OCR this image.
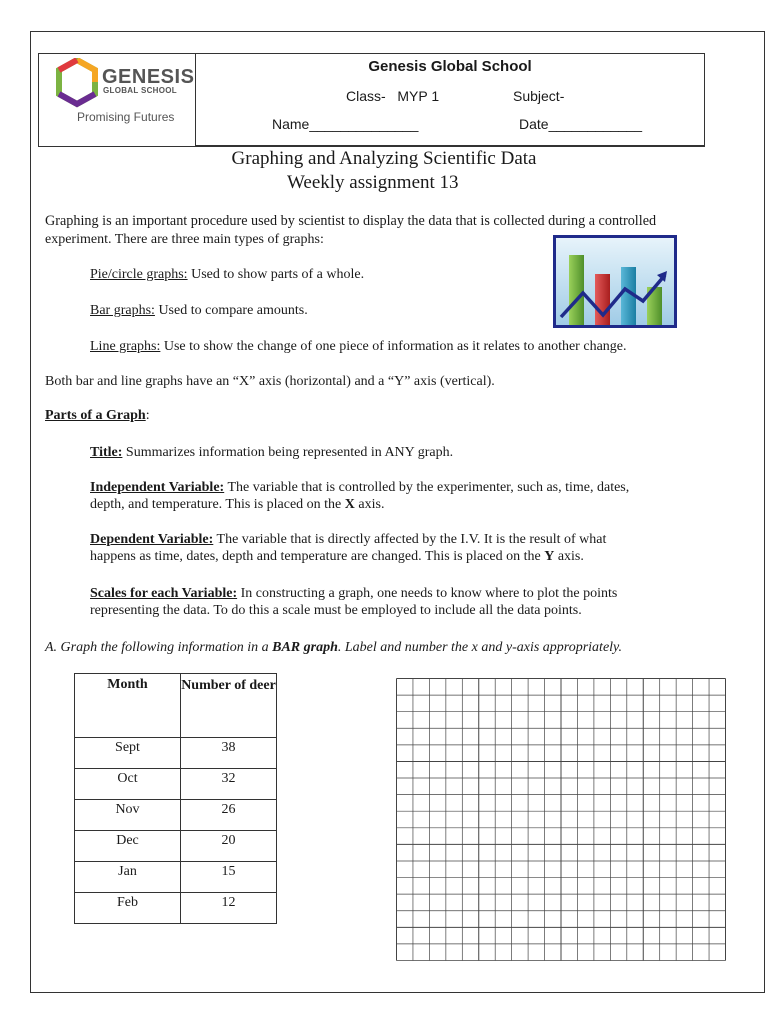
GENESIS
GLOBAL SCHOOL
Promising Futures
Genesis Global School
Class-   MYP 1	Subject-
Name______________	Date____________
Graphing and Analyzing Scientific Data
Weekly assignment 13
Graphing is an important procedure used by scientist to display the data that is collected during a controlled
experiment. There are three main types of graphs:
Pie/circle graphs: Used to show parts of a whole.
Bar graphs: Used to compare amounts.
Line graphs: Use to show the change of one piece of information as it relates to another change.
Both bar and line graphs have an “X” axis (horizontal) and a “Y” axis (vertical).
Parts of a Graph:
Title: Summarizes information being represented in ANY graph.
Independent Variable: The variable that is controlled by the experimenter, such as, time, dates,
depth, and temperature. This is placed on the X axis.
Dependent Variable: The variable that is directly affected by the I.V. It is the result of what
happens as time, dates, depth and temperature are changed. This is placed on the Y axis.
Scales for each Variable: In constructing a graph, one needs to know where to plot the points
representing the data. To do this a scale must be employed to include all the data points.
A. Graph the following information in a BAR graph. Label and number the x and y-axis appropriately.
Month	Number of deer
Sept	38
Oct	32
Nov	26
Dec	20
Jan	15
Feb	12
